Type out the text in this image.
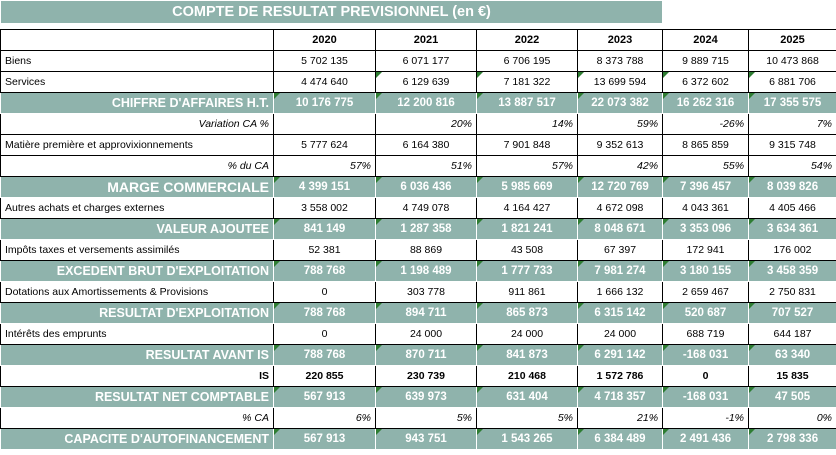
COMPTE DE RESULTAT PREVISIONNEL (en €)						

	2020	2021	2022	2023	2024	2025
Biens	5 702 135	6 071 177	6 706 195	8 373 788	9 889 715	10 473 868
Services	4 474 640	6 129 639	7 181 322	13 699 594	6 372 602	6 881 706
CHIFFRE D'AFFAIRES H.T.	10 176 775	12 200 816	13 887 517	22 073 382	16 262 316	17 355 575
Variation CA %		20%	14%	59%	-26%	7%
Matière première et approvixionnements	5 777 624	6 164 380	7 901 848	9 352 613	8 865 859	9 315 748
% du CA	57%	51%	57%	42%	55%	54%
MARGE COMMERCIALE	4 399 151	6 036 436	5 985 669	12 720 769	7 396 457	8 039 826
Autres achats et charges externes	3 558 002	4 749 078	4 164 427	4 672 098	4 043 361	4 405 466
VALEUR AJOUTEE	841 149	1 287 358	1 821 241	8 048 671	3 353 096	3 634 361
Impôts taxes et versements assimilés	52 381	88 869	43 508	67 397	172 941	176 002
EXCEDENT BRUT D'EXPLOITATION	788 768	1 198 489	1 777 733	7 981 274	3 180 155	3 458 359
Dotations aux Amortissements & Provisions	0	303 778	911 861	1 666 132	2 659 467	2 750 831
RESULTAT D'EXPLOITATION	788 768	894 711	865 873	6 315 142	520 687	707 527
Intérêts des emprunts	0	24 000	24 000	24 000	688 719	644 187
RESULTAT AVANT IS	788 768	870 711	841 873	6 291 142	-168 031	63 340
IS	220 855	230 739	210 468	1 572 786	0	15 835
RESULTAT NET COMPTABLE	567 913	639 973	631 404	4 718 357	-168 031	47 505
% CA	6%	5%	5%	21%	-1%	0%
CAPACITE D'AUTOFINANCEMENT	567 913	943 751	1 543 265	6 384 489	2 491 436	2 798 336
